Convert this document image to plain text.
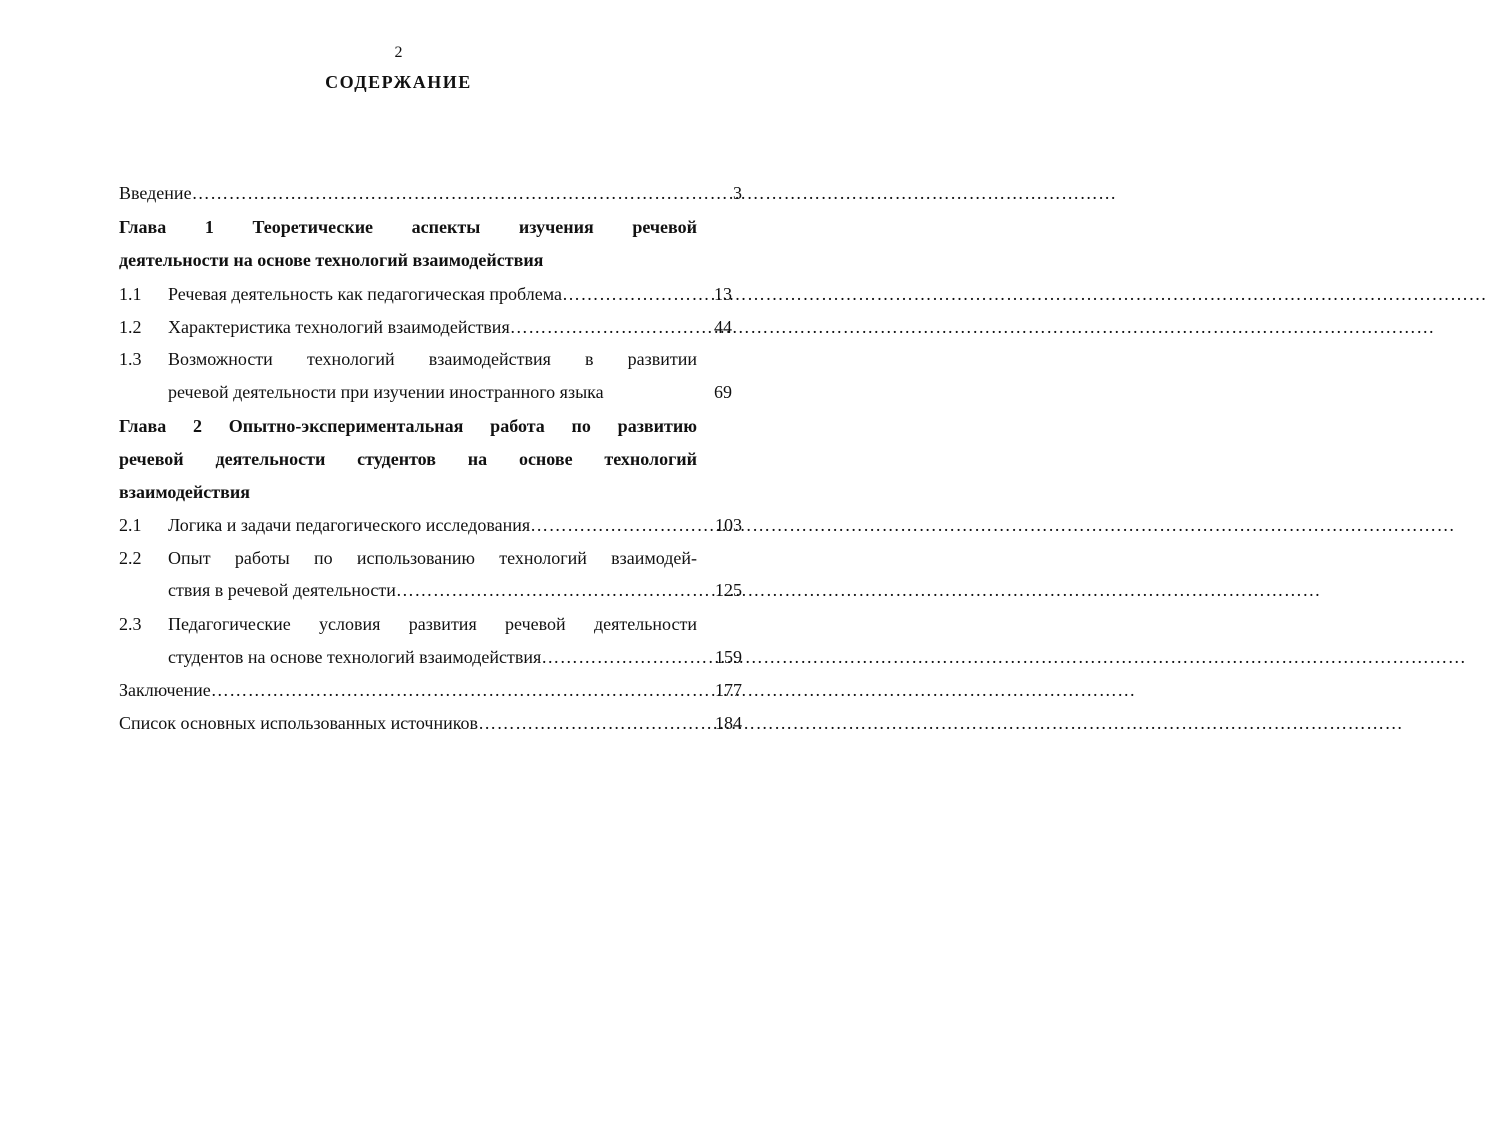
2
СОДЕРЖАНИЕ
Введение ……………………………………………………………………………………………………………………………………	3
Глава 1 Теоретические аспекты изучения речевой
деятельности на основе технологий взаимодействия
1.1 Речевая деятельность как педагогическая проблема ……………………………………………………………………………………………………………………………………	13
1.2 Характеристика технологий взаимодействия ……………………………………………………………………………………………………………………………………	44
1.3 Возможности технологий взаимодействия в развитии
речевой деятельности при изучении иностранного языка	69
Глава 2 Опытно-экспериментальная работа по развитию
речевой деятельности студентов на основе технологий
взаимодействия
2.1 Логика и задачи педагогического исследования ……………………………………………………………………………………………………………………………………	103
2.2 Опыт работы по использованию технологий взаимодей-
ствия в речевой деятельности ……………………………………………………………………………………………………………………………………	125
2.3 Педагогические условия развития речевой деятельности
студентов на основе технологий взаимодействия ……………………………………………………………………………………………………………………………………	159
Заключение ……………………………………………………………………………………………………………………………………	177
Список основных использованных источников ……………………………………………………………………………………………………………………………………	184
